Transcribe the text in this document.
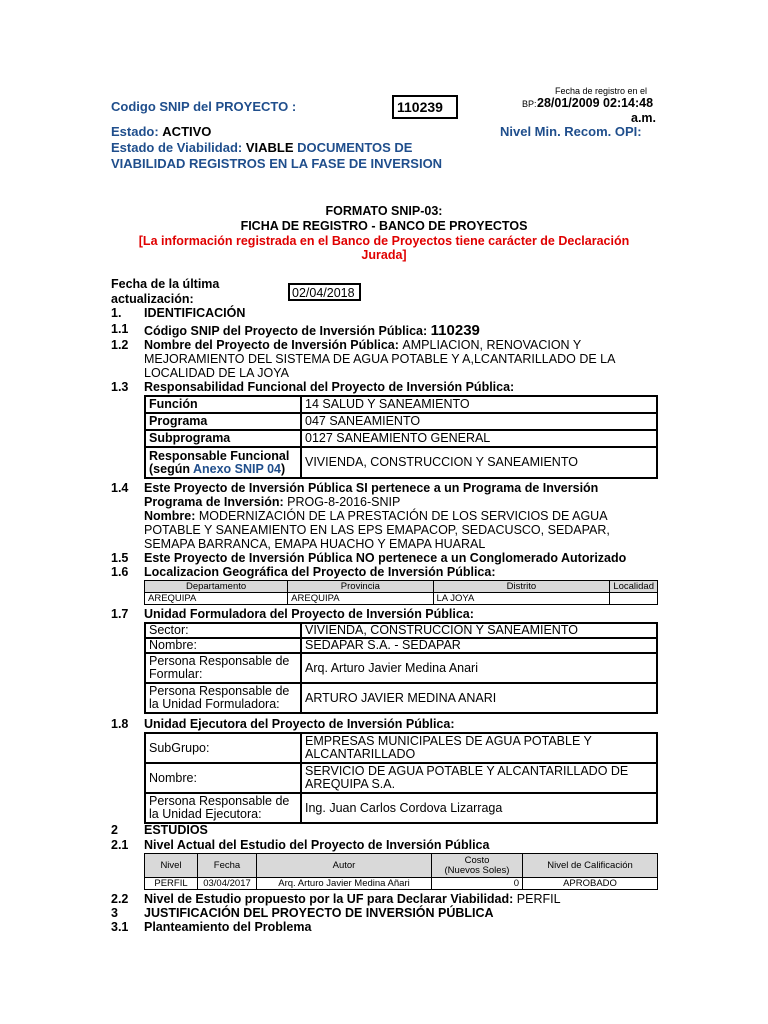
Codigo SNIP del PROYECTO :	110239
Fecha de registro en el
BP: 28/01/2009 02:14:48
a.m.
Estado: ACTIVO	Nivel Min. Recom. OPI:
Estado de Viabilidad: VIABLE DOCUMENTOS DE
VIABILIDAD REGISTROS EN LA FASE DE INVERSION
FORMATO SNIP-03:
FICHA DE REGISTRO - BANCO DE PROYECTOS
[La información registrada en el Banco de Proyectos tiene carácter de Declaración
Jurada]
Fecha de la última
actualización:	02/04/2018
1. IDENTIFICACIÓN
1.1 Código SNIP del Proyecto de Inversión Pública: 110239
1.2 Nombre del Proyecto de Inversión Pública: AMPLIACION, RENOVACION Y
MEJORAMIENTO DEL SISTEMA DE AGUA POTABLE Y A,LCANTARILLADO DE LA
LOCALIDAD DE LA JOYA
1.3 Responsabilidad Funcional del Proyecto de Inversión Pública:
Función	14 SALUD Y SANEAMIENTO
Programa	047 SANEAMIENTO
Subprograma	0127 SANEAMIENTO GENERAL
Responsable Funcional
(según Anexo SNIP 04)	VIVIENDA, CONSTRUCCION Y SANEAMIENTO
1.4 Este Proyecto de Inversión Pública SI pertenece a un Programa de Inversión
Programa de Inversión: PROG-8-2016-SNIP
Nombre: MODERNIZACIÓN DE LA PRESTACIÓN DE LOS SERVICIOS DE AGUA
POTABLE Y SANEAMIENTO EN LAS EPS EMAPACOP, SEDACUSCO, SEDAPAR,
SEMAPA BARRANCA, EMAPA HUACHO Y EMAPA HUARAL
1.5 Este Proyecto de Inversión Pública NO pertenece a un Conglomerado Autorizado
1.6 Localizacion Geográfica del Proyecto de Inversión Pública:
Departamento	Provincia	Distrito	Localidad
AREQUIPA	AREQUIPA	LA JOYA	
1.7 Unidad Formuladora del Proyecto de Inversión Pública:
Sector:	VIVIENDA, CONSTRUCCION Y SANEAMIENTO
Nombre:	SEDAPAR S.A. - SEDAPAR
Persona Responsable de
Formular:	Arq. Arturo Javier Medina Anari
Persona Responsable de
la Unidad Formuladora:	ARTURO JAVIER MEDINA ANARI
1.8 Unidad Ejecutora del Proyecto de Inversión Pública:
SubGrupo:	EMPRESAS MUNICIPALES DE AGUA POTABLE Y
ALCANTARILLADO
Nombre:	SERVICIO DE AGUA POTABLE Y ALCANTARILLADO DE
AREQUIPA S.A.
Persona Responsable de
la Unidad Ejecutora:	Ing. Juan Carlos Cordova Lizarraga
2 ESTUDIOS
2.1 Nivel Actual del Estudio del Proyecto de Inversión Pública
Nivel	Fecha	Autor	Costo
(Nuevos Soles)	Nivel de Calificación
PERFIL	03/04/2017	Arq. Arturo Javier Medina Añari	0	APROBADO
2.2 Nivel de Estudio propuesto por la UF para Declarar Viabilidad: PERFIL
3 JUSTIFICACIÓN DEL PROYECTO DE INVERSIÓN PÚBLICA
3.1 Planteamiento del Problema
